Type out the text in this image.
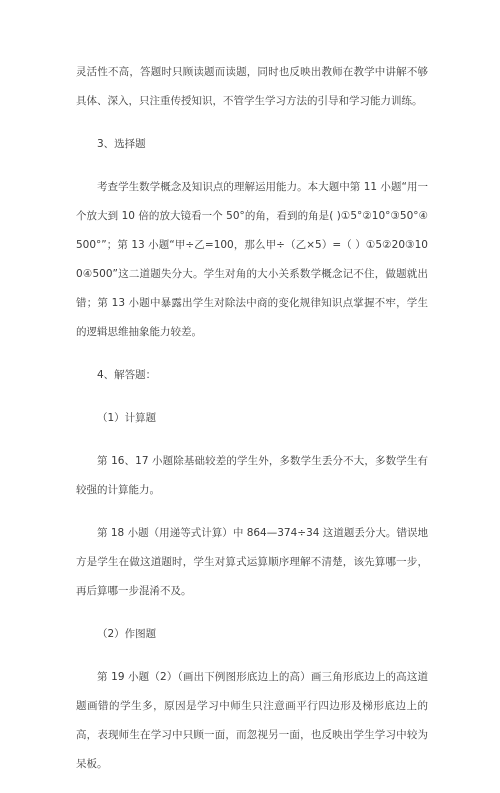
灵活性不高，答题时只顾读题而读题，同时也反映出教师在教学中讲解不够具体、深入，只注重传授知识，不管学生学习方法的引导和学习能力训练。

3、选择题

考查学生数学概念及知识点的理解运用能力。本大题中第 11 小题“用一个放大到 10 倍的放大镜看一个 50°的角，看到的角是( )①5°②10°③50°④500°”；第 13 小题“甲÷乙=100，那么甲÷（乙×5）=（ ）①5②20③100④500”这二道题失分大。学生对角的大小关系数学概念记不住，做题就出错；第 13 小题中暴露出学生对除法中商的变化规律知识点掌握不牢，学生的逻辑思维抽象能力较差。

4、解答题：
（1）计算题

第 16、17 小题除基础较差的学生外，多数学生丢分不大，多数学生有较强的计算能力。

第 18 小题（用递等式计算）中 864—374÷34 这道题丢分大。错误地方是学生在做这道题时，学生对算式运算顺序理解不清楚，该先算哪一步，再后算哪一步混淆不及。

（2）作图题

第 19 小题（2）（画出下例图形底边上的高）画三角形底边上的高这道题画错的学生多，原因是学习中师生只注意画平行四边形及梯形底边上的高，表现师生在学习中只顾一面，而忽视另一面，也反映出学生学习中较为呆板。
